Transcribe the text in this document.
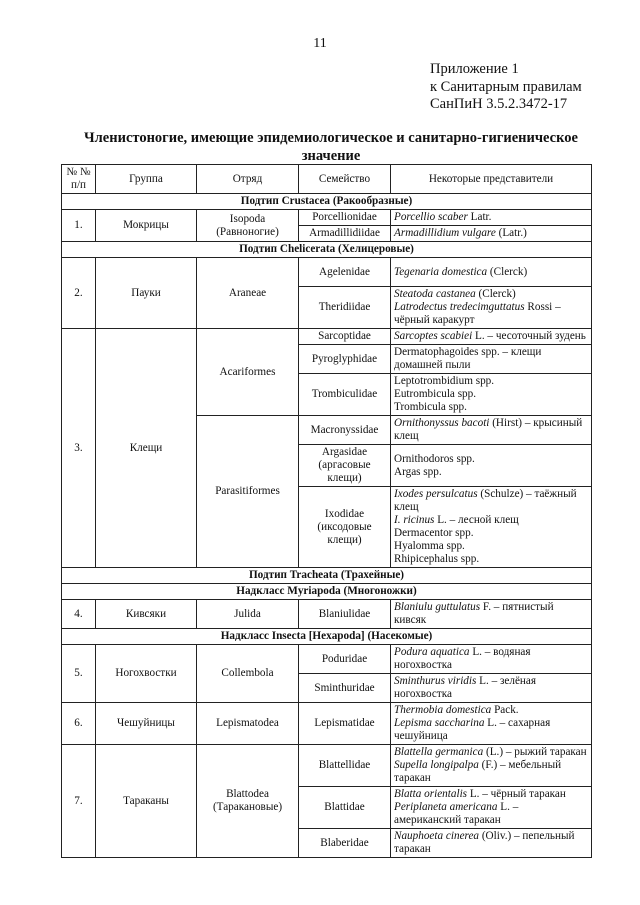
11
Приложение 1
к Санитарным правилам
СанПиН 3.5.2.3472-17
Членистоногие, имеющие эпидемиологическое и санитарно-гигиеническое значение
№ № п/п	Группа	Отряд	Семейство	Некоторые представители
Подтип Crustacea (Ракообразные)				
1.	Мокрицы	Isopoda (Равноногие)	Porcellionidae	Porcellio scaber Latr.
			Armadillidiidae	Armadillidium vulgare (Latr.)
Подтип Chelicerata (Хелицеровые)				
2.	Пауки	Araneae	Agelenidae	Tegenaria domestica (Clerck)
			Theridiidae	Steatoda castanea (Clerck)
Latrodectus tredecimguttatus Rossi – чёрный каракурт
3.	Клещи	Acariformes	Sarcoptidae	Sarcoptes scabiei L. – чесоточный зудень
			Pyroglyphidae	Dermatophagoides spp. – клещи домашней пыли
			Trombiculidae	Leptotrombidium spp.
Eutrombicula spp.
Trombicula spp.
		Parasitiformes	Macronyssidae	Ornithonyssus bacoti (Hirst) – крысиный клещ
			Argasidae (аргасовые клещи)	Ornithodoros spp.
Argas spp.
			Ixodidae (иксодовые клещи)	Ixodes persulcatus (Schulze) – таёжный клещ
I. ricinus L. – лесной клещ
Dermacentor spp.
Hyalomma spp.
Rhipicephalus spp.
Подтип Tracheata (Трахейные)				
Надкласс Myriapoda (Многоножки)				
4.	Кивсяки	Julida	Blaniulidae	Blaniulu guttulatus F. – пятнистый кивсяк
Надкласс Insecta [Hexapoda] (Насекомые)				
5.	Ногохвостки	Collembola	Poduridae	Podura aquatica L. – водяная ногохвостка
			Sminthuridae	Sminthurus viridis L. – зелёная ногохвостка
6.	Чешуйницы	Lepismatodea	Lepismatidae	Thermobia domestica Pack.
Lepisma saccharina L. – сахарная чешуйница
7.	Тараканы	Blattodea (Таракановые)	Blattellidae	Blattella germanica (L.) – рыжий таракан
Supella longipalpa (F.) – мебельный таракан
			Blattidae	Blatta orientalis L. – чёрный таракан
Periplaneta americana L. – американский таракан
			Blaberidae	Nauphoeta cinerea (Oliv.) – пепельный таракан
